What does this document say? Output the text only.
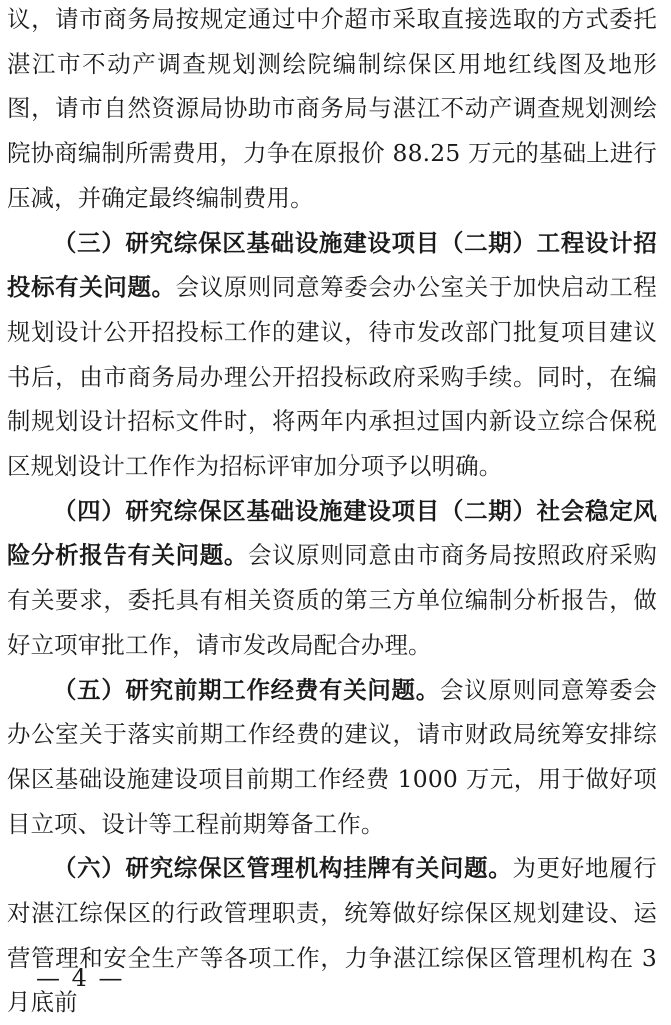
议，请市商务局按规定通过中介超市采取直接选取的方式委托湛江市不动产调查规划测绘院编制综保区用地红线图及地形图，请市自然资源局协助市商务局与湛江不动产调查规划测绘院协商编制所需费用，力争在原报价 88.25 万元的基础上进行压减，并确定最终编制费用。

（三）研究综保区基础设施建设项目（二期）工程设计招投标有关问题。会议原则同意筹委会办公室关于加快启动工程规划设计公开招投标工作的建议，待市发改部门批复项目建议书后，由市商务局办理公开招投标政府采购手续。同时，在编制规划设计招标文件时，将两年内承担过国内新设立综合保税区规划设计工作作为招标评审加分项予以明确。

（四）研究综保区基础设施建设项目（二期）社会稳定风险分析报告有关问题。会议原则同意由市商务局按照政府采购有关要求，委托具有相关资质的第三方单位编制分析报告，做好立项审批工作，请市发改局配合办理。

（五）研究前期工作经费有关问题。会议原则同意筹委会办公室关于落实前期工作经费的建议，请市财政局统筹安排综保区基础设施建设项目前期工作经费 1000 万元，用于做好项目立项、设计等工程前期筹备工作。

（六）研究综保区管理机构挂牌有关问题。为更好地履行对湛江综保区的行政管理职责，统筹做好综保区规划建设、运营管理和安全生产等各项工作，力争湛江综保区管理机构在 3 月底前

— 4 —
